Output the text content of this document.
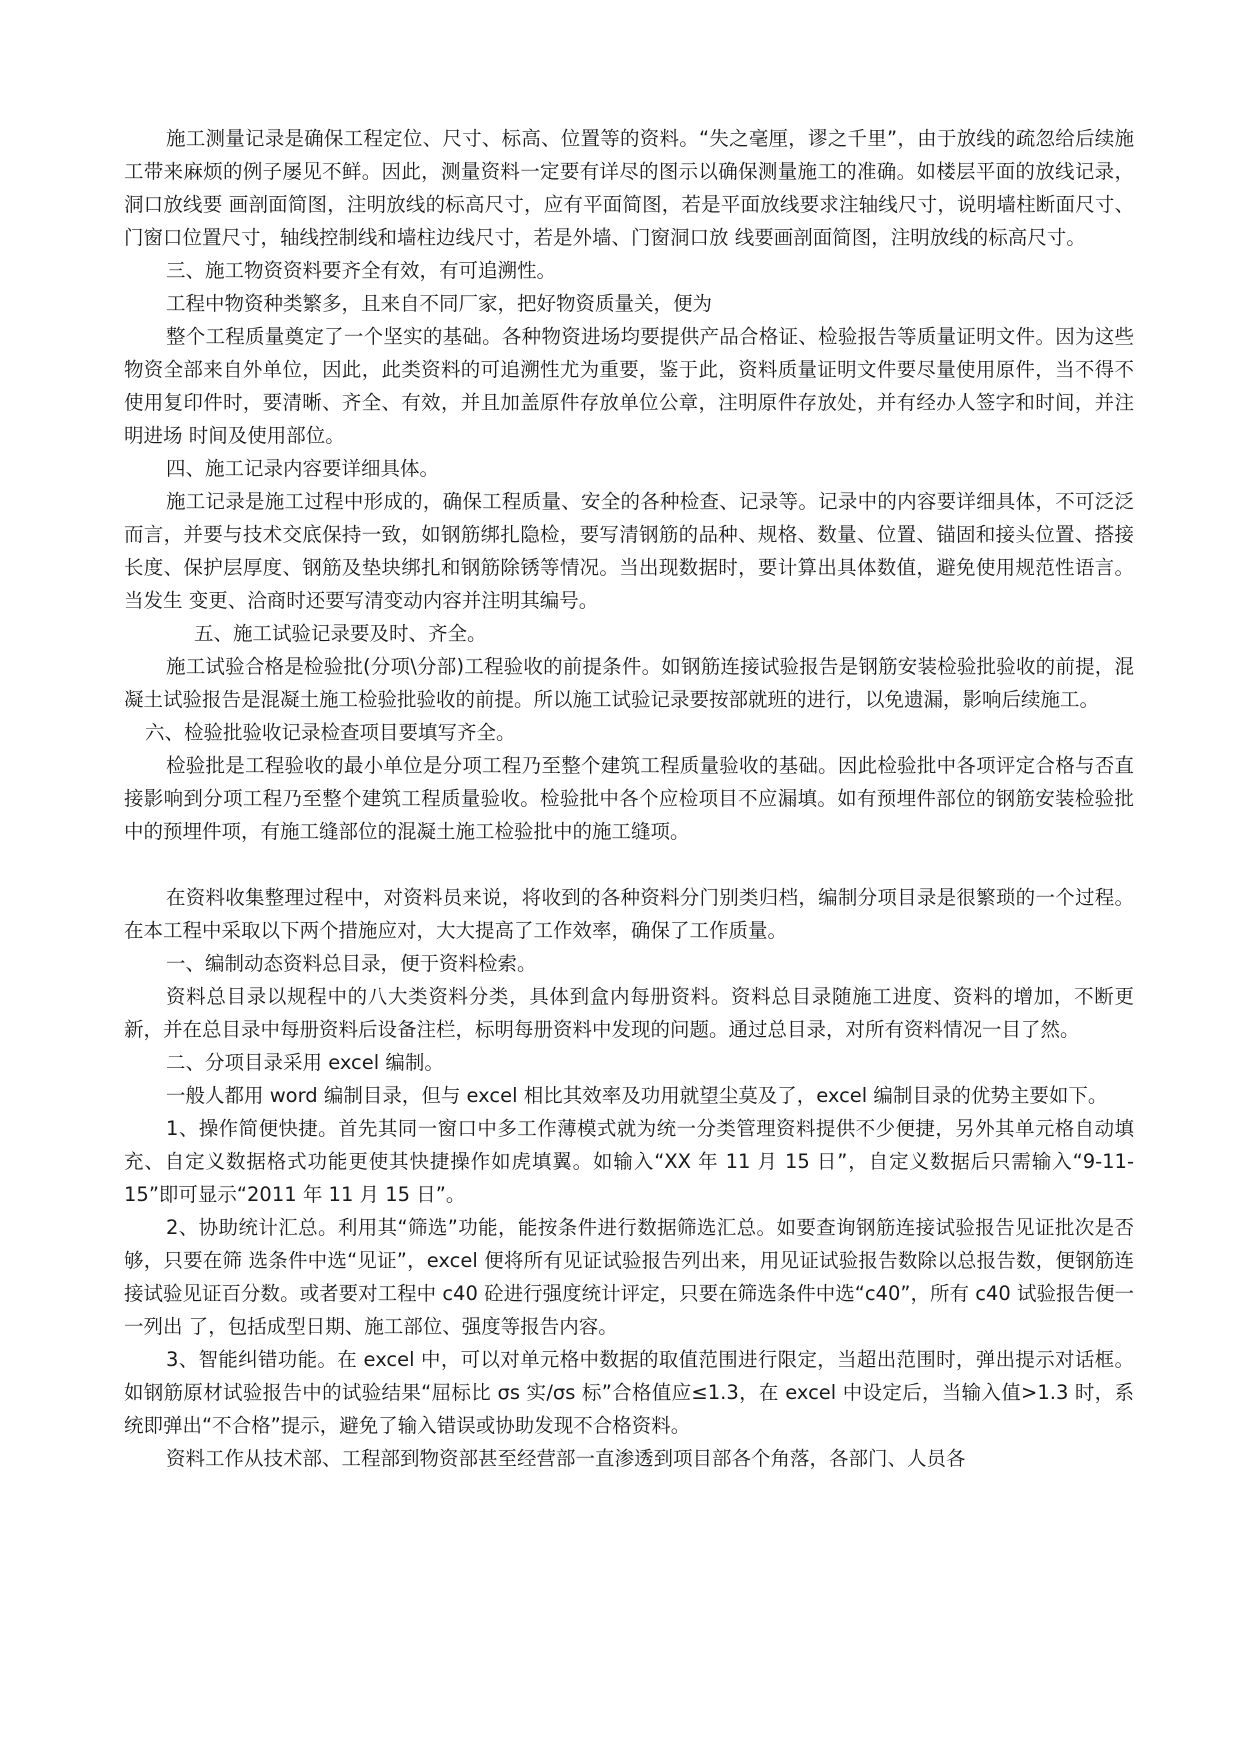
施工测量记录是确保工程定位、尺寸、标高、位置等的资料。“失之毫厘，谬之千里”，由于放线的疏忽给后续施工带来麻烦的例子屡见不鲜。因此，测量资料一定要有详尽的图示以确保测量施工的准确。如楼层平面的放线记录，洞口放线要 画剖面简图，注明放线的标高尺寸，应有平面简图，若是平面放线要求注轴线尺寸，说明墙柱断面尺寸、门窗口位置尺寸，轴线控制线和墙柱边线尺寸，若是外墙、门窗洞口放 线要画剖面简图，注明放线的标高尺寸。

三、施工物资资料要齐全有效，有可追溯性。

工程中物资种类繁多，且来自不同厂家，把好物资质量关，便为

整个工程质量奠定了一个坚实的基础。各种物资进场均要提供产品合格证、检验报告等质量证明文件。因为这些物资全部来自外单位，因此，此类资料的可追溯性尤为重要，鉴于此，资料质量证明文件要尽量使用原件，当不得不使用复印件时，要清晰、齐全、有效，并且加盖原件存放单位公章，注明原件存放处，并有经办人签字和时间，并注明进场 时间及使用部位。

四、施工记录内容要详细具体。

施工记录是施工过程中形成的，确保工程质量、安全的各种检查、记录等。记录中的内容要详细具体，不可泛泛而言，并要与技术交底保持一致，如钢筋绑扎隐检，要写清钢筋的品种、规格、数量、位置、锚固和接头位置、搭接长度、保护层厚度、钢筋及垫块绑扎和钢筋除锈等情况。当出现数据时，要计算出具体数值，避免使用规范性语言。当发生 变更、洽商时还要写清变动内容并注明其编号。

五、施工试验记录要及时、齐全。

施工试验合格是检验批(分项\分部)工程验收的前提条件。如钢筋连接试验报告是钢筋安装检验批验收的前提，混凝土试验报告是混凝土施工检验批验收的前提。所以施工试验记录要按部就班的进行，以免遗漏，影响后续施工。

六、检验批验收记录检查项目要填写齐全。

检验批是工程验收的最小单位是分项工程乃至整个建筑工程质量验收的基础。因此检验批中各项评定合格与否直接影响到分项工程乃至整个建筑工程质量验收。检验批中各个应检项目不应漏填。如有预埋件部位的钢筋安装检验批中的预埋件项，有施工缝部位的混凝土施工检验批中的施工缝项。

在资料收集整理过程中，对资料员来说，将收到的各种资料分门别类归档，编制分项目录是很繁琐的一个过程。在本工程中采取以下两个措施应对，大大提高了工作效率，确保了工作质量。

一、编制动态资料总目录，便于资料检索。

资料总目录以规程中的八大类资料分类，具体到盒内每册资料。资料总目录随施工进度、资料的增加，不断更新，并在总目录中每册资料后设备注栏，标明每册资料中发现的问题。通过总目录，对所有资料情况一目了然。

二、分项目录采用 excel 编制。

一般人都用 word 编制目录，但与 excel 相比其效率及功用就望尘莫及了，excel 编制目录的优势主要如下。

1、操作简便快捷。首先其同一窗口中多工作薄模式就为统一分类管理资料提供不少便捷，另外其单元格自动填充、自定义数据格式功能更使其快捷操作如虎填翼。如输入“XX 年 11 月 15 日”，自定义数据后只需输入“9-11-15”即可显示“2011 年 11 月 15 日”。

2、协助统计汇总。利用其“筛选”功能，能按条件进行数据筛选汇总。如要查询钢筋连接试验报告见证批次是否够，只要在筛 选条件中选“见证”，excel 便将所有见证试验报告列出来，用见证试验报告数除以总报告数，便钢筋连接试验见证百分数。或者要对工程中 c40 砼进行强度统计评定，只要在筛选条件中选“c40”，所有 c40 试验报告便一一列出 了，包括成型日期、施工部位、强度等报告内容。

3、智能纠错功能。在 excel 中，可以对单元格中数据的取值范围进行限定，当超出范围时，弹出提示对话框。如钢筋原材试验报告中的试验结果“屈标比 σs 实/σs 标”合格值应≤1.3，在 excel 中设定后，当输入值>1.3 时，系统即弹出“不合格”提示，避免了输入错误或协助发现不合格资料。

资料工作从技术部、工程部到物资部甚至经营部一直渗透到项目部各个角落，各部门、人员各
